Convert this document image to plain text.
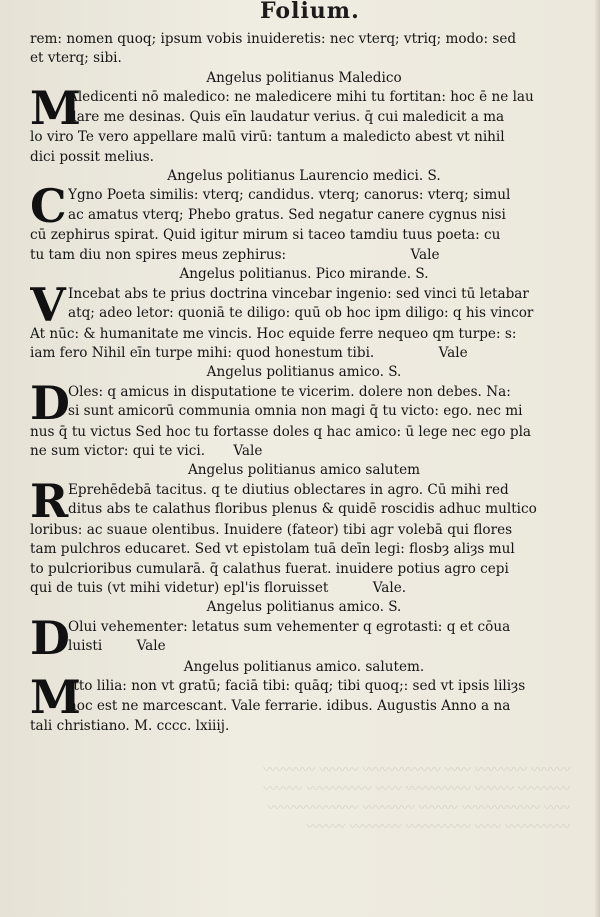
Folium.
rem: nomen quoq; ipsum vobis inuideretis: nec vterq; vtriq; modo: sed
et vterq; sibi.
Angelus politianus Maledico
M
Aledicenti nō maledico: ne maledicere mihi tu fortitan: hoc ē ne lau
dare me desinas. Quis eīn laudatur verius. q̄ cui maledicit a ma
lo viro Te vero appellare malū virū: tantum a maledicto abest vt nihil
dici possit melius.
Angelus politianus Laurencio medici. S.
C Ygno Poeta similis: vterq; candidus. vterq; canorus: vterq; simul
ac amatus vterq; Phebo gratus. Sed negatur canere cygnus nisi
cū zephirus spirat. Quid igitur mirum si taceo tamdiu tuus poeta: cu
tu tam diu non spires meus zephirus:	Vale
Angelus politianus. Pico mirande. S.
V Incebat abs te prius doctrina vincebar ingenio: sed vinci tū letabar
atq; adeo letor: quoniā te diligo: quū ob hoc ipm diligo: q his vincor
At nūc: & humanitate me vincis. Hoc equide ferre nequeo qm turpe: s:
iam fero Nihil eīn turpe mihi: quod honestum tibi.	Vale
Angelus politianus amico. S.
D
Oles: q amicus in disputatione te vicerim. dolere non debes. Na:
si sunt amicorū communia omnia non magi q̄ tu victo: ego. nec mi
nus q̄ tu victus Sed hoc tu fortasse doles q hac amico: ū lege nec ego pla
ne sum victor: qui te vici. Vale
Angelus politianus amico salutem
R Eprehēdebā tacitus. q te diutius oblectares in agro. Cū mihi red
ditus abs te calathus floribus plenus & quidē roscidis adhuc multico
loribus: ac suaue olentibus. Inuidere (fateor) tibi agr volebā qui flores
tam pulchros educaret. Sed vt epistolam tuā deīn legi: flosbȝ aliȝs mul
to pulcrioribus cumularā. q̄ calathus fuerat. inuidere potius agro cepi
qui de tuis (vt mihi videtur) epl'is floruisset	Vale.
Angelus politianus amico. S.
D
Olui vehementer: letatus sum vehementer q egrotasti: q et cōua
luisti	Vale
Angelus politianus amico. salutem.
M
Itto lilia: non vt gratū; faciā tibi: quāq; tibi quoq;: sed vt ipsis liliȝs
hoc est ne marcescant. Vale ferrarie. idibus. Augustis Anno a na
tali christiano. M. cccc. lxiiij.
〰〰〰 〰〰〰〰 〰〰 〰〰〰〰〰〰 〰〰〰 〰〰〰〰
〰〰〰〰 〰〰〰 〰〰〰〰〰 〰〰 〰〰〰〰〰 〰〰〰
〰〰 〰〰〰〰〰〰 〰〰〰 〰〰〰〰 〰〰〰〰〰〰〰
〰〰〰〰〰 〰〰 〰〰〰〰〰 〰〰〰〰 〰〰〰
